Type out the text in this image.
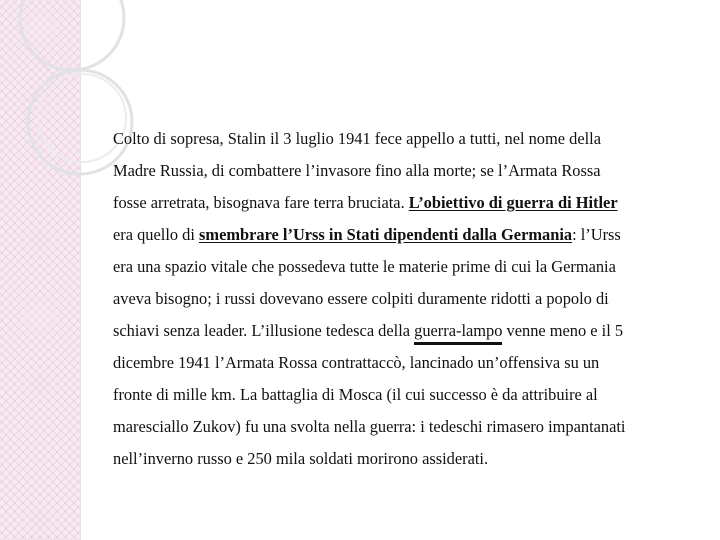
Colto di sopresa, Stalin il 3 luglio 1941 fece appello a tutti, nel nome della
Madre Russia, di combattere l’invasore fino alla morte; se l’Armata Rossa
fosse arretrata, bisognava fare terra bruciata. L’obiettivo di guerra di Hitler
era quello di smembrare l’Urss in Stati dipendenti dalla Germania: l’Urss
era una spazio vitale che possedeva tutte le materie prime di cui la Germania
aveva bisogno; i russi dovevano essere colpiti duramente ridotti a popolo di
schiavi senza leader. L’illusione tedesca della guerra-lampo venne meno e il 5
dicembre 1941 l’Armata Rossa contrattaccò, lancinado un’offensiva su un
fronte di mille km. La battaglia di Mosca (il cui successo è da attribuire al
maresciallo Zukov) fu una svolta nella guerra: i tedeschi rimasero impantanati
nell’inverno russo e 250 mila soldati morirono assiderati.
